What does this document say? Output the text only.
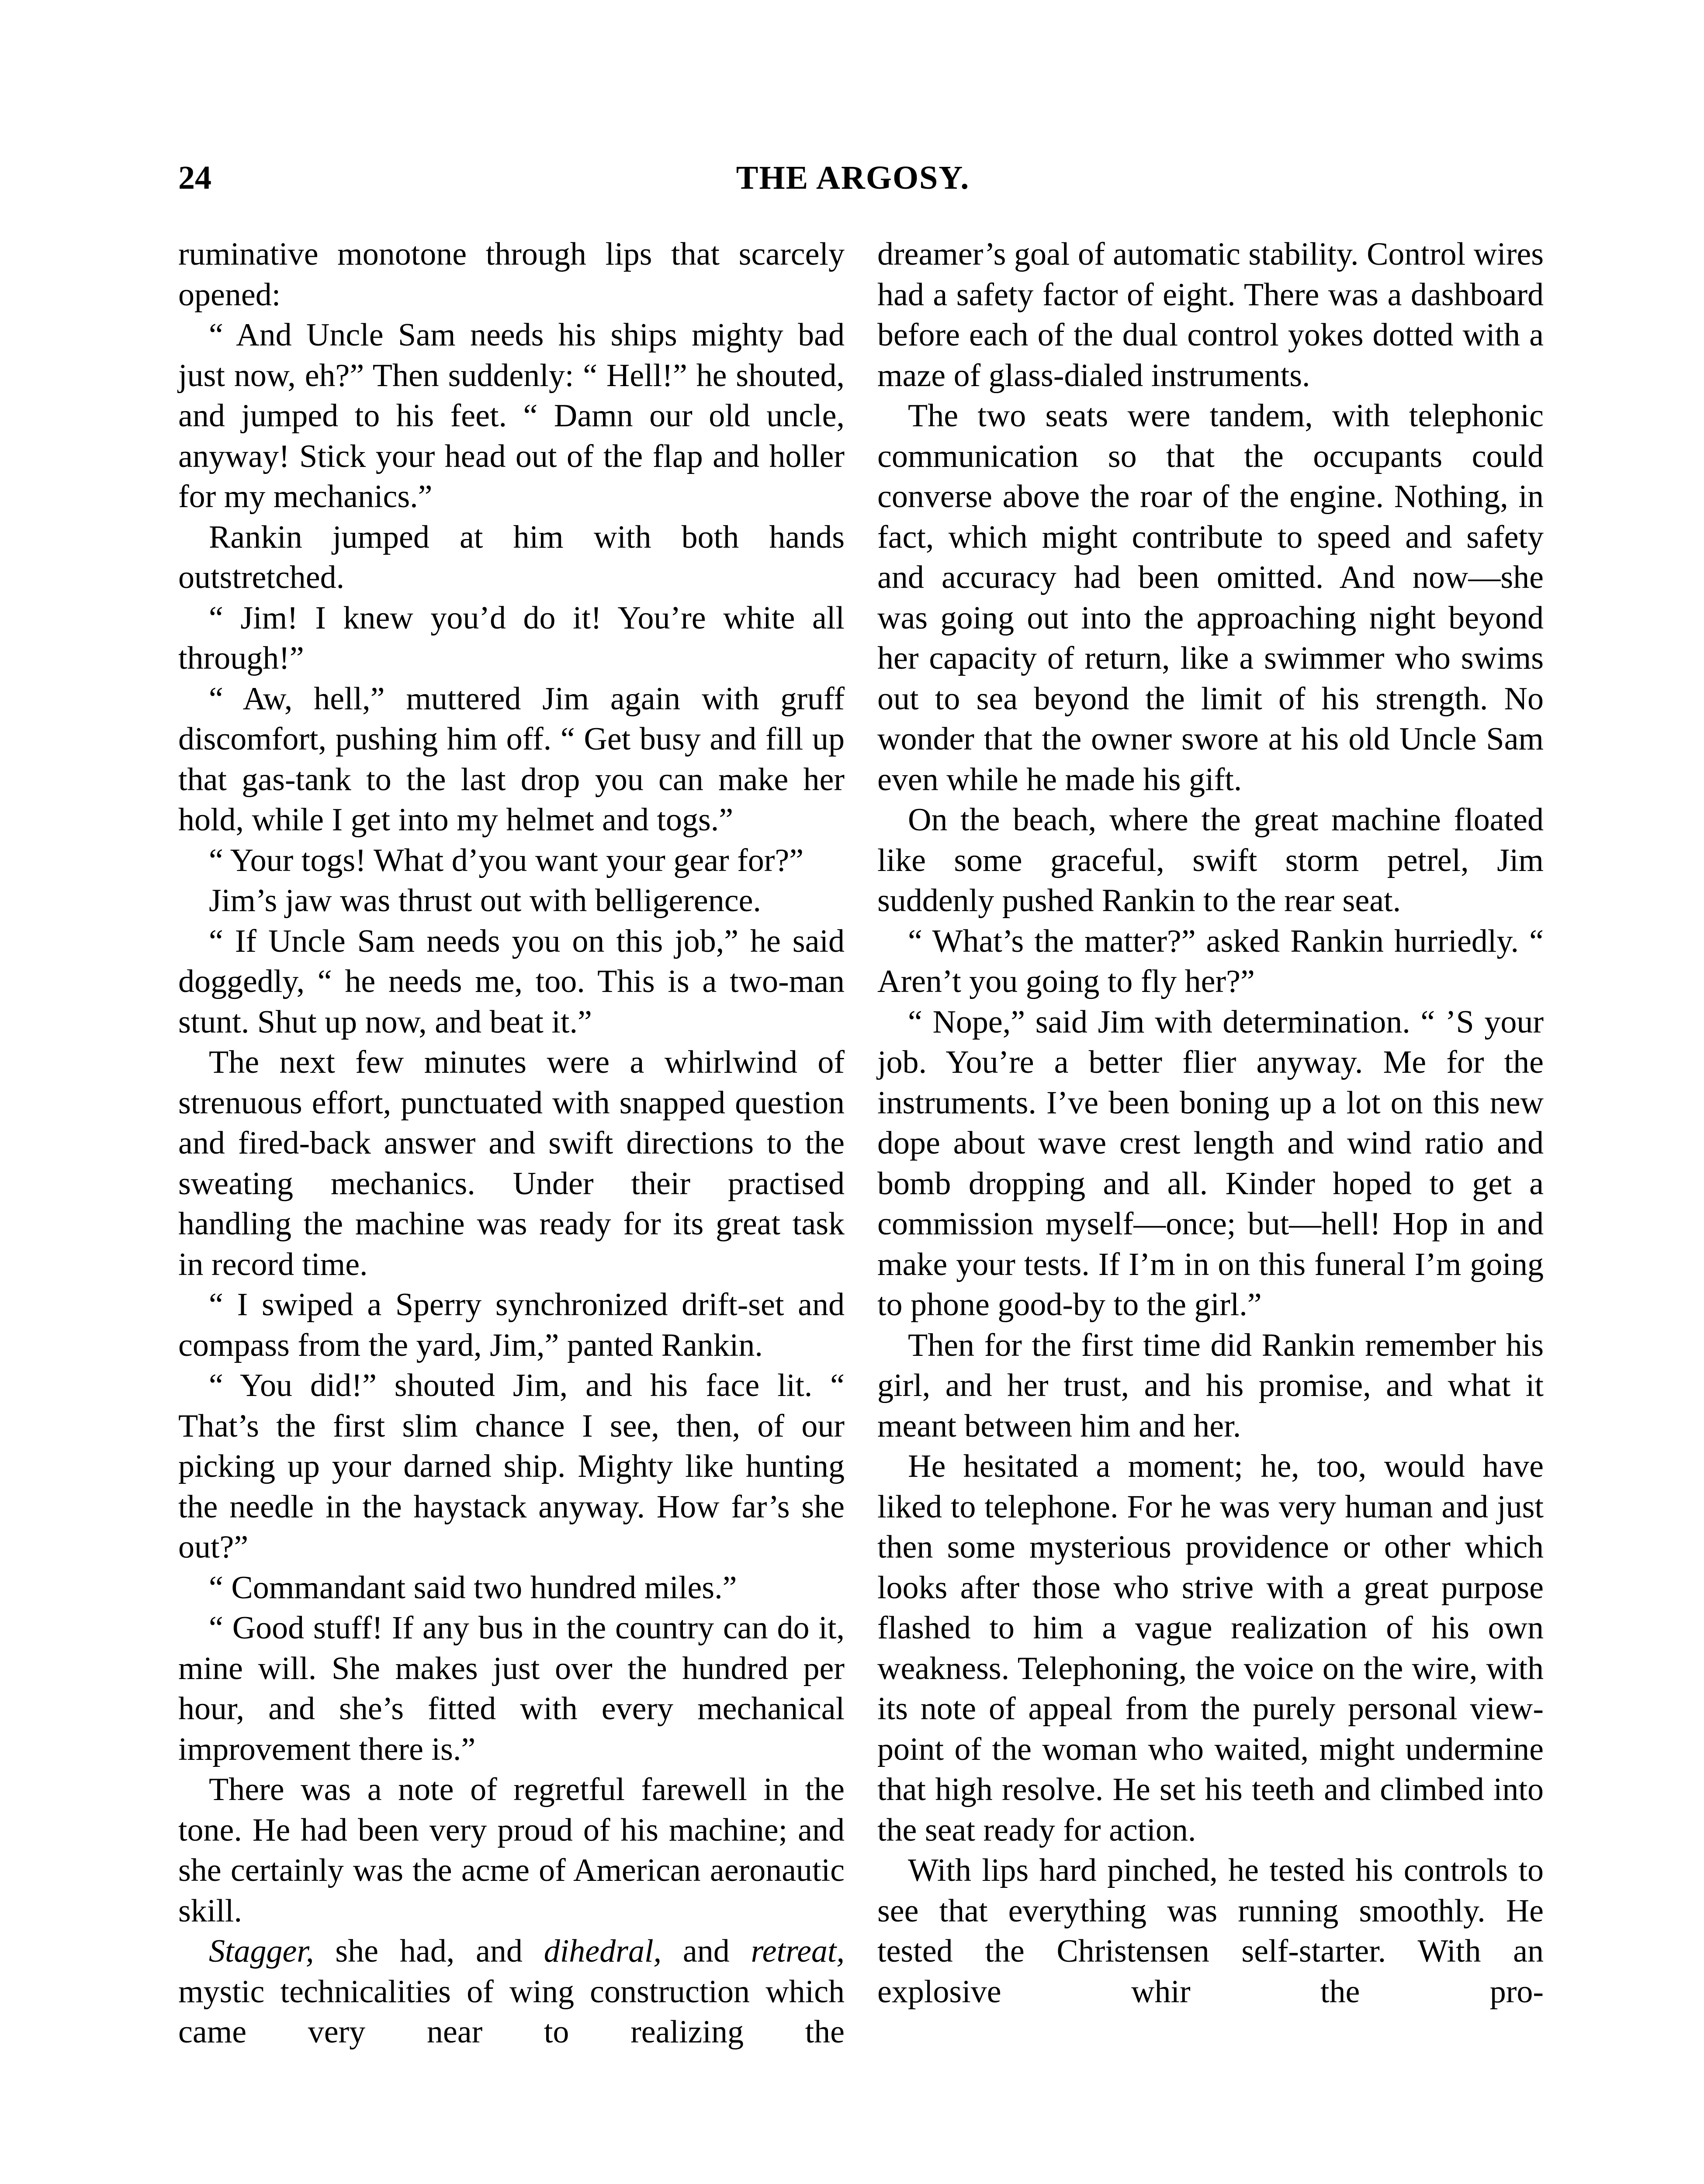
24	THE ARGOSY.

ruminative monotone through lips that scarcely opened:

“ And Uncle Sam needs his ships mighty bad just now, eh?” Then suddenly: “ Hell!” he shouted, and jumped to his feet. “ Damn our old uncle, anyway! Stick your head out of the flap and holler for my mechanics.”

Rankin jumped at him with both hands outstretched.

“ Jim! I knew you’d do it! You’re white all through!”

“ Aw, hell,” muttered Jim again with gruff discomfort, pushing him off. “ Get busy and fill up that gas-tank to the last drop you can make her hold, while I get into my helmet and togs.”

“ Your togs! What d’you want your gear for?”

Jim’s jaw was thrust out with belligerence.

“ If Uncle Sam needs you on this job,” he said doggedly, “ he needs me, too. This is a two-man stunt. Shut up now, and beat it.”

The next few minutes were a whirlwind of strenuous effort, punctuated with snapped question and fired-back answer and swift directions to the sweating mechanics. Under their practised handling the machine was ready for its great task in record time.

“ I swiped a Sperry synchronized drift-set and compass from the yard, Jim,” panted Rankin.

“ You did!” shouted Jim, and his face lit. “ That’s the first slim chance I see, then, of our picking up your darned ship. Mighty like hunting the needle in the haystack anyway. How far’s she out?”

“ Commandant said two hundred miles.”

“ Good stuff! If any bus in the country can do it, mine will. She makes just over the hundred per hour, and she’s fitted with every mechanical improvement there is.”

There was a note of regretful farewell in the tone. He had been very proud of his machine; and she certainly was the acme of American aeronautic skill.

Stagger, she had, and dihedral, and retreat, mystic technicalities of wing construction which came very near to realizing the

dreamer’s goal of automatic stability. Control wires had a safety factor of eight. There was a dashboard before each of the dual control yokes dotted with a maze of glass-dialed instruments.

The two seats were tandem, with telephonic communication so that the occupants could converse above the roar of the engine. Nothing, in fact, which might contribute to speed and safety and accuracy had been omitted. And now—she was going out into the approaching night beyond her capacity of return, like a swimmer who swims out to sea beyond the limit of his strength. No wonder that the owner swore at his old Uncle Sam even while he made his gift.

On the beach, where the great machine floated like some graceful, swift storm petrel, Jim suddenly pushed Rankin to the rear seat.

“ What’s the matter?” asked Rankin hurriedly. “ Aren’t you going to fly her?”

“ Nope,” said Jim with determination. “ ’S your job. You’re a better flier anyway. Me for the instruments. I’ve been boning up a lot on this new dope about wave crest length and wind ratio and bomb dropping and all. Kinder hoped to get a commission myself—once; but—hell! Hop in and make your tests. If I’m in on this funeral I’m going to phone good-by to the girl.”

Then for the first time did Rankin remember his girl, and her trust, and his promise, and what it meant between him and her.

He hesitated a moment; he, too, would have liked to telephone. For he was very human and just then some mysterious providence or other which looks after those who strive with a great purpose flashed to him a vague realization of his own weakness. Telephoning, the voice on the wire, with its note of appeal from the purely personal view-point of the woman who waited, might undermine that high resolve. He set his teeth and climbed into the seat ready for action.

With lips hard pinched, he tested his controls to see that everything was running smoothly. He tested the Christensen self-starter. With an explosive whir the pro-
